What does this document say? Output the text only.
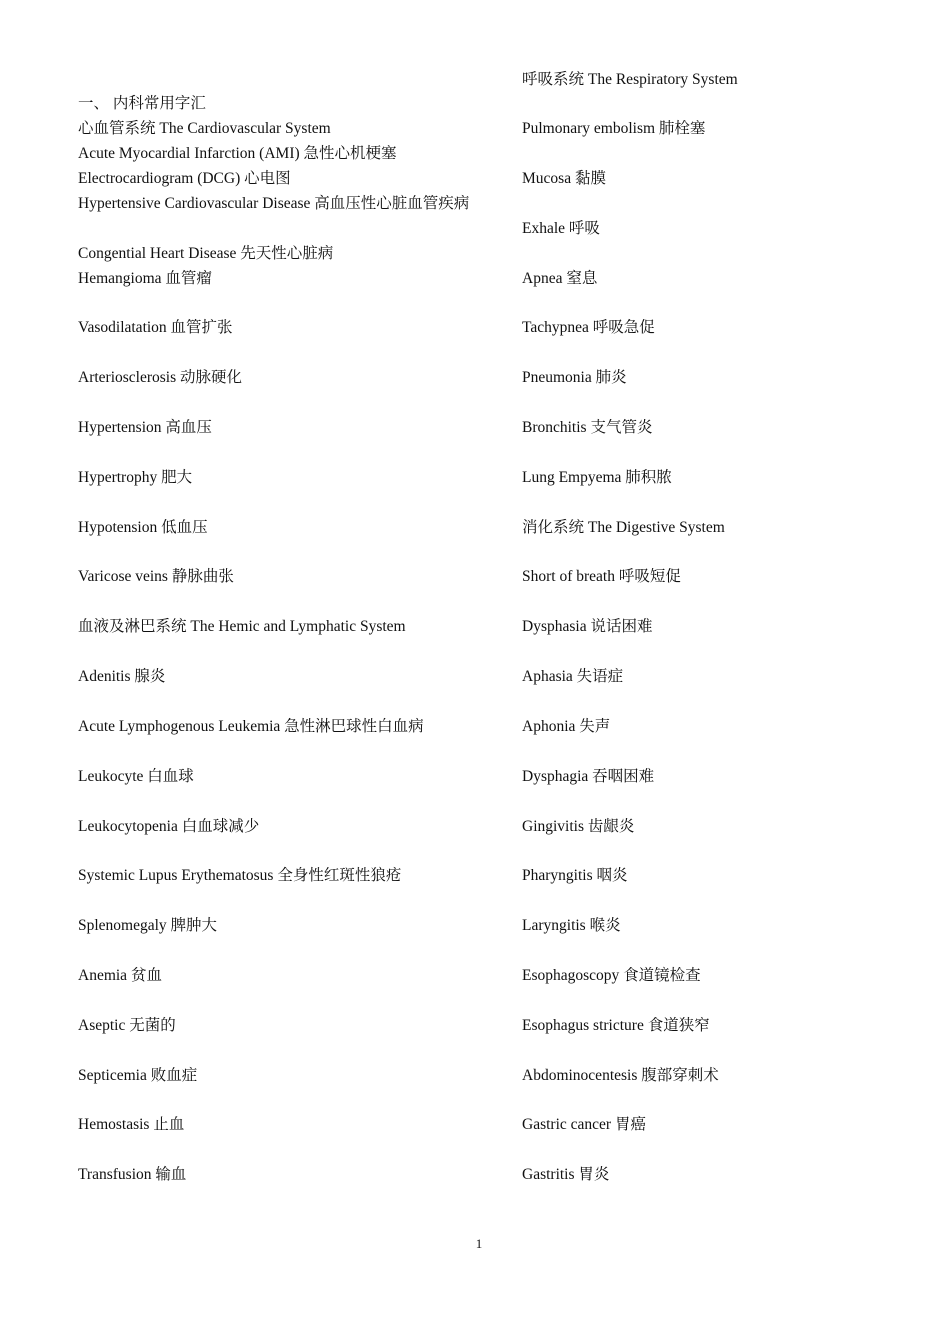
一、 内科常用字汇
心血管系统 The Cardiovascular System
Acute Myocardial Infarction (AMI) 急性心机梗塞
Electrocardiogram (DCG) 心电图
Hypertensive Cardiovascular Disease 高血压性心脏血管疾病
Congential Heart Disease 先天性心脏病
Hemangioma 血管瘤
Vasodilatation 血管扩张
Arteriosclerosis 动脉硬化
Hypertension 高血压
Hypertrophy 肥大
Hypotension 低血压
Varicose veins 静脉曲张
血液及淋巴系统 The Hemic and Lymphatic System
Adenitis 腺炎
Acute Lymphogenous Leukemia 急性淋巴球性白血病
Leukocyte 白血球
Leukocytopenia 白血球减少
Systemic Lupus Erythematosus 全身性红斑性狼疮
Splenomegaly 脾肿大
Anemia 贫血
Aseptic 无菌的
Septicemia 败血症
Hemostasis 止血
Transfusion 输血
呼吸系统 The Respiratory System
Pulmonary embolism 肺栓塞
Mucosa 黏膜
Exhale 呼吸
Apnea 窒息
Tachypnea 呼吸急促
Pneumonia 肺炎
Bronchitis 支气管炎
Lung Empyema 肺积脓
消化系统 The Digestive System
Short of breath 呼吸短促
Dysphasia 说话困难
Aphasia 失语症
Aphonia 失声
Dysphagia 吞咽困难
Gingivitis 齿龈炎
Pharyngitis 咽炎
Laryngitis 喉炎
Esophagoscopy 食道镜检查
Esophagus stricture 食道狭窄
Abdominocentesis 腹部穿刺术
Gastric cancer 胃癌
Gastritis 胃炎
1
